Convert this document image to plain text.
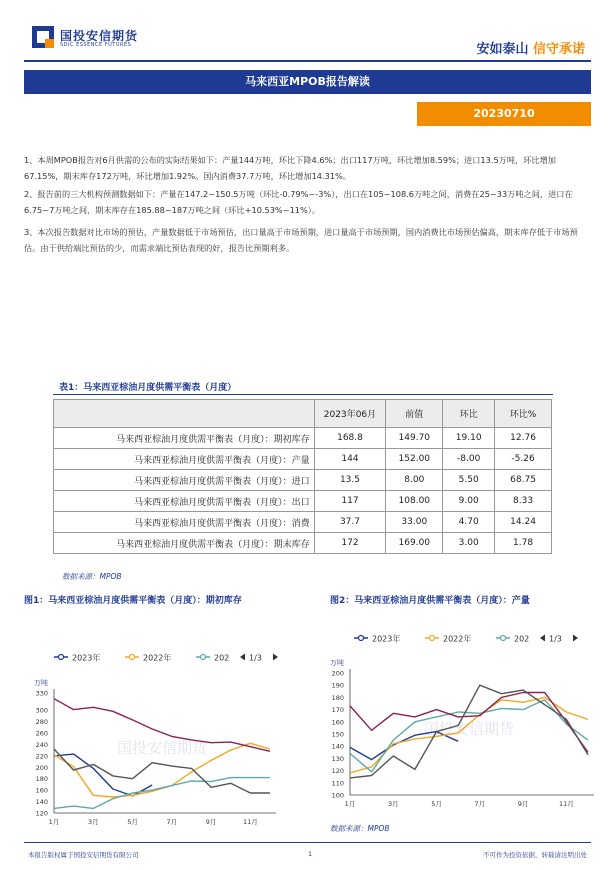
国投安信期货
SDIC ESSENCE FUTURES	安如泰山 信守承诺
马来西亚MPOB报告解读
20230710
1、本周MPOB报告对6月供需的公布的实际结果如下：产量144万吨，环比下降4.6%；出口117万吨，环比增加8.59%；进口13.5万吨，环比增加67.15%，期末库存172万吨，环比增加1.92%。国内消费37.7万吨，环比增加14.31%。
2、报告前的三大机构预测数据如下：产量在147.2~150.5万吨（环比-0.79%~-3%），出口在105~108.6万吨之间，消费在25~33万吨之间，进口在6.75~7万吨之间，期末库存在185.88~187万吨之间（环比+10.53%~11%）。
3、本次报告数据对比市场的预估，产量数据低于市场预估，出口量高于市场预期，进口量高于市场预期，国内消费比市场预估偏高，期末库存低于市场预估。由于供给端比预估的少，而需求端比预估表现的好，报告比预期利多。
表1：马来西亚棕油月度供需平衡表（月度）
	2023年06月	前值	环比	环比%
马来西亚棕油月度供需平衡表（月度）：期初库存	168.8	149.70	19.10	12.76
马来西亚棕油月度供需平衡表（月度）：产量	144	152.00	-8.00	-5.26
马来西亚棕油月度供需平衡表（月度）：进口	13.5	8.00	5.50	68.75
马来西亚棕油月度供需平衡表（月度）：出口	117	108.00	9.00	8.33
马来西亚棕油月度供需平衡表（月度）：消费	37.7	33.00	4.70	14.24
马来西亚棕油月度供需平衡表（月度）：期末库存	172	169.00	3.00	1.78
数据来源：MPOB
图1：马来西亚棕油月度供需平衡表（月度）：期初库存	图2：马来西亚棕油月度供需平衡表（月度）：产量
国投安信期货
2023年	2022年	202 1/3
万吨
120
140
160
180
200
220
240
260
280
300
330
1月	3月	5月	7月	9月	11月
国投安信期货
2023年	2022年	202 1/3
万吨
100
110
120
130
140
150
160
170
180
190
200
1月	3月	5月	7月	9月	11月
数据来源：MPOB
本报告版权属于国投安信期货有限公司	1	不可作为投资依据，转载请注明出处
